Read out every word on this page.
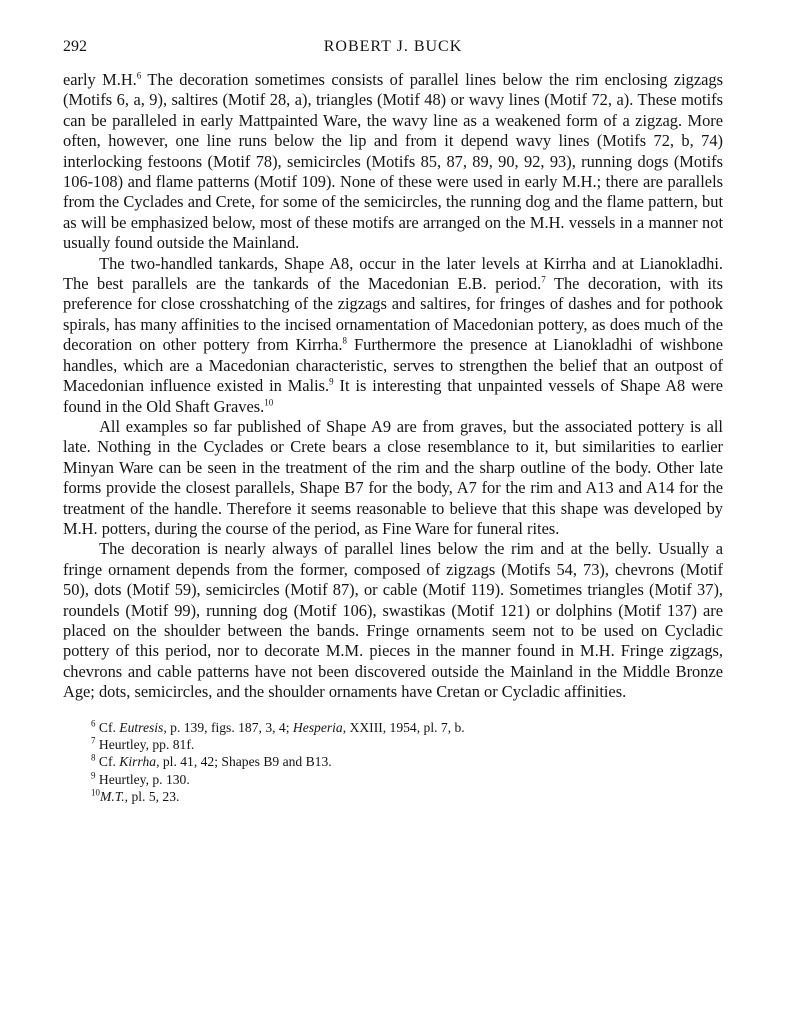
292	ROBERT J. BUCK

early M.H.$^6$ The decoration sometimes consists of parallel lines below the rim enclosing zigzags (Motifs 6, a, 9), saltires (Motif 28, a), triangles (Motif 48) or wavy lines (Motif 72, a). These motifs can be paralleled in early Mattpainted Ware, the wavy line as a weakened form of a zigzag. More often, however, one line runs below the lip and from it depend wavy lines (Motifs 72, b, 74) interlocking festoons (Motif 78), semicircles (Motifs 85, 87, 89, 90, 92, 93), running dogs (Motifs 106-108) and flame patterns (Motif 109). None of these were used in early M.H.; there are parallels from the Cyclades and Crete, for some of the semicircles, the running dog and the flame pattern, but as will be emphasized below, most of these motifs are arranged on the M.H. vessels in a manner not usually found outside the Mainland.

The two-handled tankards, Shape A8, occur in the later levels at Kirrha and at Lianokladhi. The best parallels are the tankards of the Macedonian E.B. period.$^7$ The decoration, with its preference for close crosshatching of the zigzags and saltires, for fringes of dashes and for pothook spirals, has many affinities to the incised ornamentation of Macedonian pottery, as does much of the decoration on other pottery from Kirrha.$^8$ Furthermore the presence at Lianokladhi of wishbone handles, which are a Macedonian characteristic, serves to strengthen the belief that an outpost of Macedonian influence existed in Malis.$^9$ It is interesting that unpainted vessels of Shape A8 were found in the Old Shaft Graves.$^{10}$

All examples so far published of Shape A9 are from graves, but the associated pottery is all late. Nothing in the Cyclades or Crete bears a close resemblance to it, but similarities to earlier Minyan Ware can be seen in the treatment of the rim and the sharp outline of the body. Other late forms provide the closest parallels, Shape B7 for the body, A7 for the rim and A13 and A14 for the treatment of the handle. Therefore it seems reasonable to believe that this shape was developed by M.H. potters, during the course of the period, as Fine Ware for funeral rites.

The decoration is nearly always of parallel lines below the rim and at the belly. Usually a fringe ornament depends from the former, composed of zigzags (Motifs 54, 73), chevrons (Motif 50), dots (Motif 59), semicircles (Motif 87), or cable (Motif 119). Sometimes triangles (Motif 37), roundels (Motif 99), running dog (Motif 106), swastikas (Motif 121) or dolphins (Motif 137) are placed on the shoulder between the bands. Fringe ornaments seem not to be used on Cycladic pottery of this period, nor to decorate M.M. pieces in the manner found in M.H. Fringe zigzags, chevrons and cable patterns have not been discovered outside the Mainland in the Middle Bronze Age; dots, semicircles, and the shoulder ornaments have Cretan or Cycladic affinities.

$^6$ Cf. Eutresis, p. 139, figs. 187, 3, 4; Hesperia, XXIII, 1954, pl. 7, b.
$^7$ Heurtley, pp. 81f.
$^8$ Cf. Kirrha, pl. 41, 42; Shapes B9 and B13.
$^9$ Heurtley, p. 130.
$^{10}$M.T., pl. 5, 23.
